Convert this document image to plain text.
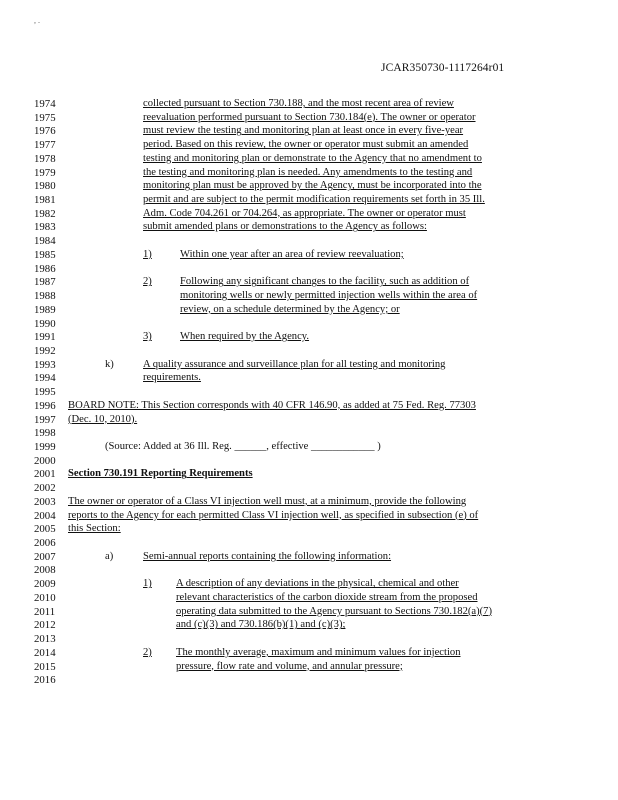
, .
JCAR350730-1117264r01
1974	collected pursuant to Section 730.188, and the most recent area of review
1975	reevaluation performed pursuant to Section 730.184(e). The owner or operator
1976	must review the testing and monitoring plan at least once in every five-year
1977	period. Based on this review, the owner or operator must submit an amended
1978	testing and monitoring plan or demonstrate to the Agency that no amendment to
1979	the testing and monitoring plan is needed. Any amendments to the testing and
1980	monitoring plan must be approved by the Agency, must be incorporated into the
1981	permit and are subject to the permit modification requirements set forth in 35 Ill.
1982	Adm. Code 704.261 or 704.264, as appropriate. The owner or operator must
1983	submit amended plans or demonstrations to the Agency as follows:
1984
1985	1)	Within one year after an area of review reevaluation;
1986
1987	2)	Following any significant changes to the facility, such as addition of
1988	monitoring wells or newly permitted injection wells within the area of
1989	review, on a schedule determined by the Agency; or
1990
1991	3)	When required by the Agency.
1992
1993	k)	A quality assurance and surveillance plan for all testing and monitoring
1994	requirements.
1995
1996 BOARD NOTE: This Section corresponds with 40 CFR 146.90, as added at 75 Fed. Reg. 77303
1997 (Dec. 10, 2010).
1998
1999	(Source: Added at 36 Ill. Reg. ______, effective ____________ )
2000
2001 Section 730.191 Reporting Requirements
2002
2003 The owner or operator of a Class VI injection well must, at a minimum, provide the following
2004 reports to the Agency for each permitted Class VI injection well, as specified in subsection (e) of
2005 this Section:
2006
2007	a)	Semi-annual reports containing the following information:
2008
2009	1) A description of any deviations in the physical, chemical and other
2010	relevant characteristics of the carbon dioxide stream from the proposed
2011	operating data submitted to the Agency pursuant to Sections 730.182(a)(7)
2012	and (c)(3) and 730.186(b)(1) and (c)(3);
2013
2014	2) The monthly average, maximum and minimum values for injection
2015	pressure, flow rate and volume, and annular pressure;
2016
